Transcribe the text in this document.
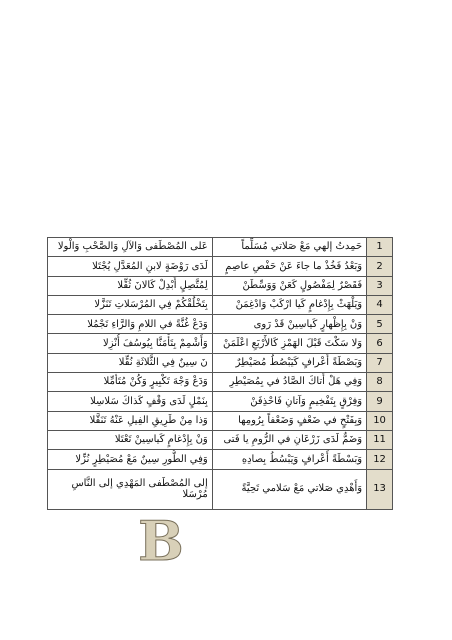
1	حَمِدتُ إلهي مَعْ صَلاتي مُسَلِّماً	عَلى المُصْطَفى وَالآلِ وَالصَّحْبِ وَالْولا
2	وَبَعْدُ فَخُذْ ما جاءَ عَنْ حَفْصِ عاصِمٍ	لَدَى رَوْضَةٍ لابنِ المُعَدَّلِ يُجْتَلا
3	فَقَصْرٌ لِمَفْصُولٍ كَعَنْ وَوَسِّطَنْ	لِمُتَّصِلٍ أَبْدِلْ كَالانَ ثُقِّلا
4	وَيَلْهَثْ بِإِدْغامٍ كَيا ارْكَبْ وَادْغِمَنْ	بِتَخْلُقْكُمْ فِي المُرْسَلاتِ تَنَزَّلا
5	وَنْ بِإِظْهارٍ كَياسِينْ قَدْ رَوى	وَدَعْ غُنَّةً في اللامِ وَالرَّاءِ تَجْمُلا
6	وَلا سَكْتَ قَبْلَ الهَمْزِ كَالأَرْبَعِ اعْلَمَنْ	وَأَشْمِمْ بِتَأْمَنَّا بِيُوسُفَ أُنْزِلا
7	وَبَصْطَةً أَعْرافٍ كَيَبْصُطُ مُصَيْطِرٌ	نَ سِينٌ فِي الثَّلاثَةِ نُقِّلا
8	وَفِي هَلْ أَتاكَ الصَّادُ في بِمُصَيْطِرِ	وَدَعْ وَجْهَ تَكْبِيرٍ وَكُنْ مُتَأَمِّلا
9	وَفِرْقٍ بِتَفْخِيمٍ وَآتانِ فَاحْذِفَنْ	بِنَمْلٍ لَدَى وَقْفٍ كَذاكَ سَلاسِلا
10	وَبِفَتْحٍ في ضَعْفٍ وَضَعْفاً بِرُومِها	وَذا مِنْ طَرِيقِ الفِيلِ عَنْهُ تَنَقَّلا
11	وَضَمٌّ لَدَى زَرْعَانِ في الرُّومِ يا فَتى	وَنْ بِإِدْغامٍ كَياسِينْ تَعْتَلا
12	وَبَسْطَةً أَعْرافٍ وَيَبْسُطُ بِصادِهِ	وَفِي الطُّورِ سِينٌ مَعْ مُصَيْطِرٍ نُزِّلا
13	وَأَهْدِي صَلاتي مَعْ سَلامي تَحِيَّةً	إلى المُصْطَفى المَهْدِي إلى النَّاسِ مُرْسَلا
B
